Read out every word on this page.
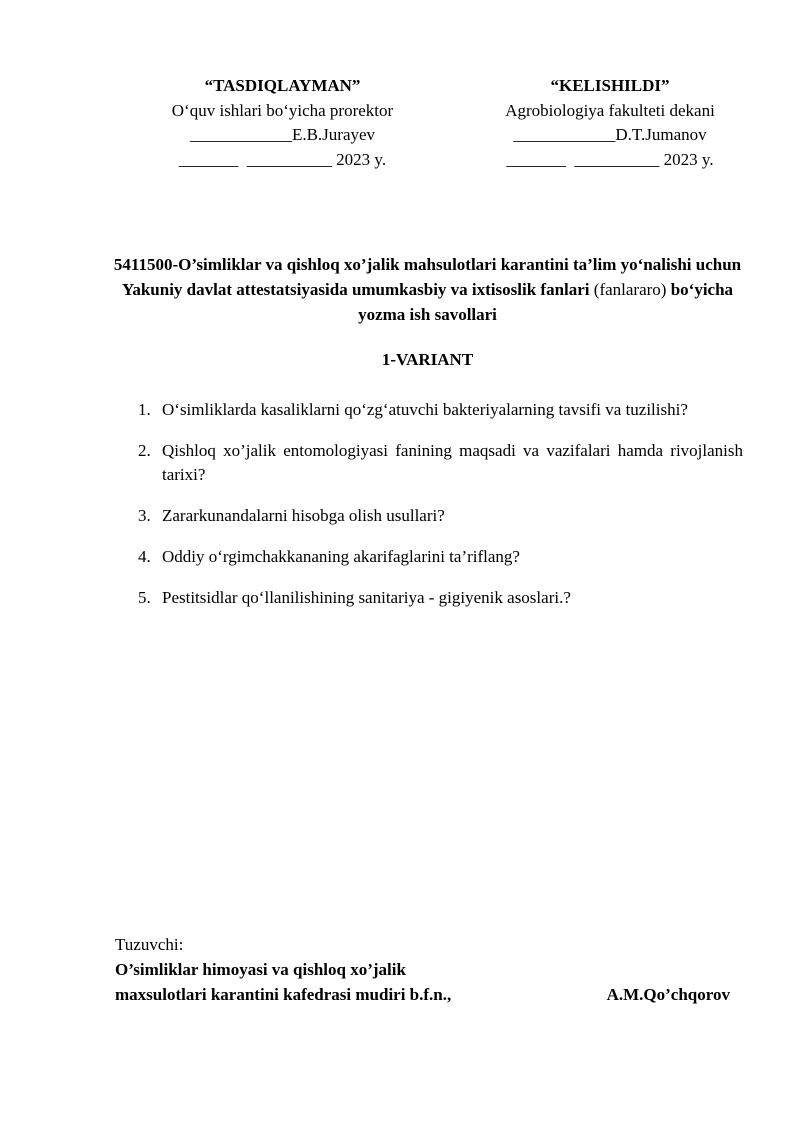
“TASDIQLAYMAN”
O‘quv ishlari bo‘yicha prorektor
____________E.B.Jurayev
_______  __________ 2023 y.
“KELISHILDI”
Agrobiologiya fakulteti dekani
____________D.T.Jumanov
_______  __________ 2023 y.
5411500-O’simliklar va qishloq xo’jalik mahsulotlari karantini ta’lim yo‘nalishi uchun Yakuniy davlat attestatsiyasida umumkasbiy va ixtisoslik fanlari (fanlararo) bo‘yicha yozma ish savollari
1-VARIANT
1. O‘simliklarda kasaliklarni qo‘zg‘atuvchi bakteriyalarning tavsifi va tuzilishi?
2. Qishloq xo’jalik entomologiyasi fanining maqsadi va vazifalari hamda rivojlanish tarixi?
3. Zararkunandalarni hisobga olish usullari?
4. Oddiy o‘rgimchakkananing akarifaglarini ta’riflang?
5. Pestitsidlar qo‘llanilishining sanitariya - gigiyenik asoslari.?
Tuzuvchi:
O’simliklar himoyasi va qishloq xo’jalik
maxsulotlari karantini kafedrasi mudiri b.f.n.,	A.M.Qo’chqorov
